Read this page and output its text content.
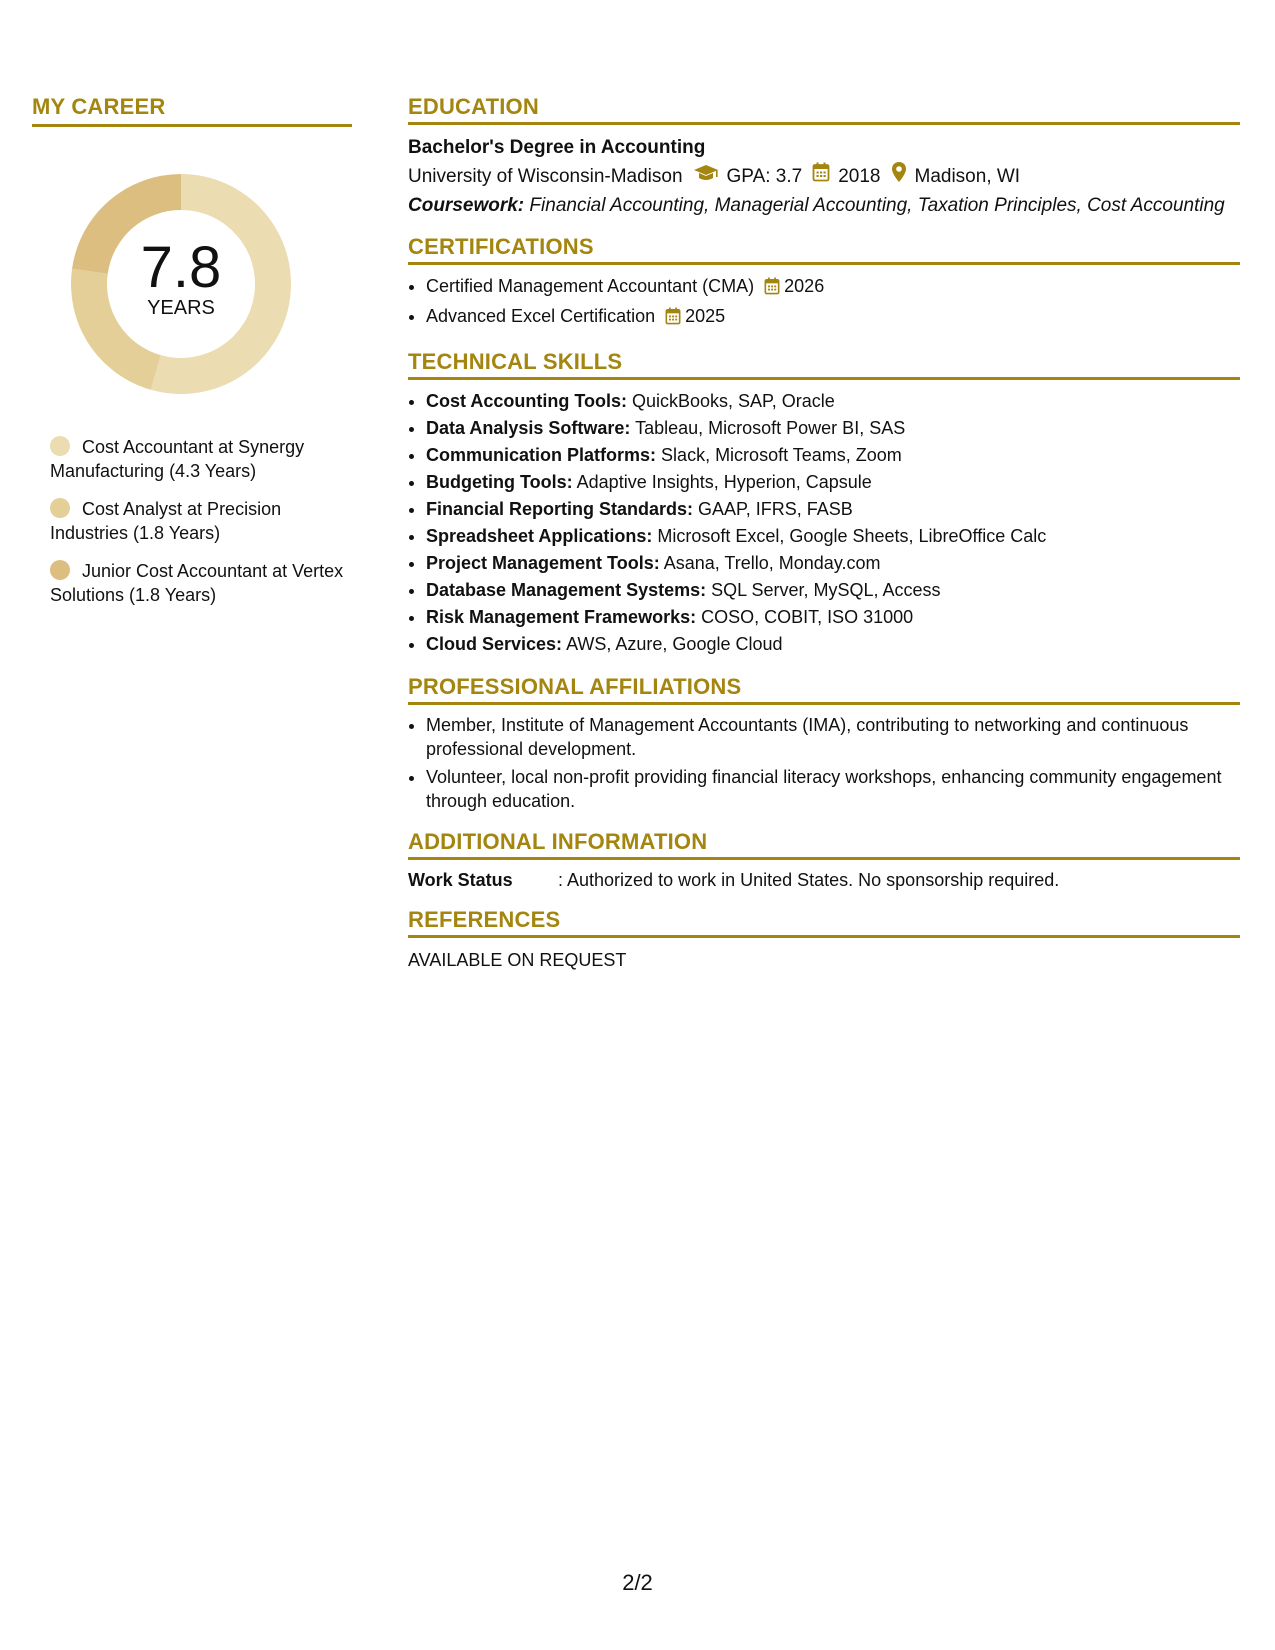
MY CAREER
7.8
YEARS
Cost Accountant at Synergy Manufacturing (4.3 Years)
Cost Analyst at Precision Industries (1.8 Years)
Junior Cost Accountant at Vertex Solutions (1.8 Years)
EDUCATION
Bachelor's Degree in Accounting
University of Wisconsin-Madison GPA: 3.7 2018 Madison, WI
Coursework: Financial Accounting, Managerial Accounting, Taxation Principles, Cost Accounting
CERTIFICATIONS
• Certified Management Accountant (CMA) 2026
• Advanced Excel Certification 2025
TECHNICAL SKILLS
• Cost Accounting Tools: QuickBooks, SAP, Oracle
• Data Analysis Software: Tableau, Microsoft Power BI, SAS
• Communication Platforms: Slack, Microsoft Teams, Zoom
• Budgeting Tools: Adaptive Insights, Hyperion, Capsule
• Financial Reporting Standards: GAAP, IFRS, FASB
• Spreadsheet Applications: Microsoft Excel, Google Sheets, LibreOffice Calc
• Project Management Tools: Asana, Trello, Monday.com
• Database Management Systems: SQL Server, MySQL, Access
• Risk Management Frameworks: COSO, COBIT, ISO 31000
• Cloud Services: AWS, Azure, Google Cloud
PROFESSIONAL AFFILIATIONS
• Member, Institute of Management Accountants (IMA), contributing to networking and continuous professional development.
• Volunteer, local non-profit providing financial literacy workshops, enhancing community engagement through education.
ADDITIONAL INFORMATION
Work Status	: Authorized to work in United States. No sponsorship required.
REFERENCES
AVAILABLE ON REQUEST
2/2
